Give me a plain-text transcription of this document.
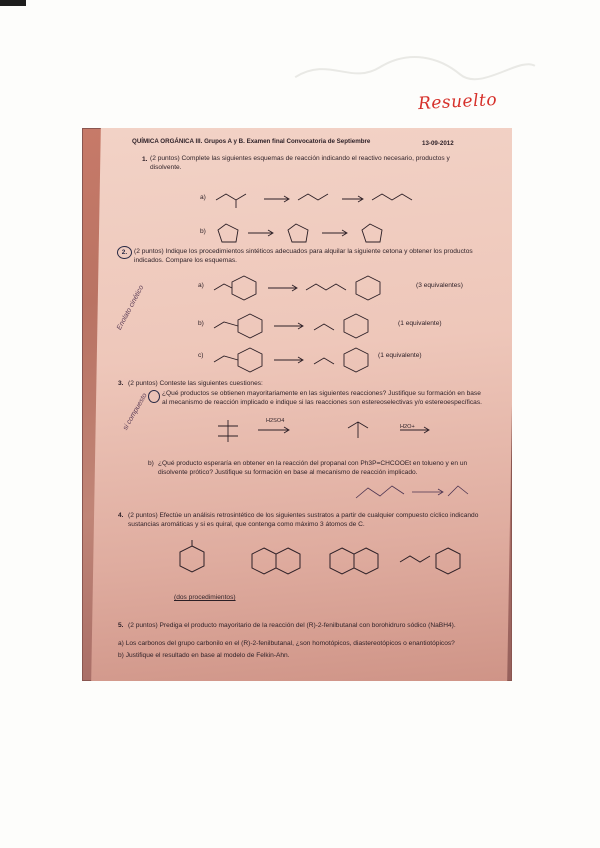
Resuelto
QUÍMICA ORGÁNICA III. Grupos A y B. Examen final Convocatoria de Septiembre	13-09-2012
1. (2 puntos) Complete las siguientes esquemas de reacción indicando el reactivo necesario, productos y disolvente.
a)
b)
2.	(2 puntos) Indique los procedimientos sintéticos adecuados para alquilar la siguiente cetona y obtener los productos indicados. Compare los esquemas.
a)	(3 equivalentes)
b)	(1 equivalente)
c)	(1 equivalente)
Enolato cinético
3. (2 puntos) Conteste las siguientes cuestiones:
¿Qué productos se obtienen mayoritariamente en las siguientes reacciones? Justifique su formación en base al mecanismo de reacción implicado e indique si las reacciones son estereoselectivas y/o estereoespecíficas.
H2SO4
H2O+
si compuesto
b) ¿Qué producto esperaría en obtener en la reacción del propanal con Ph3P=CHCOOEt en tolueno y en un disolvente prótico? Justifique su formación en base al mecanismo de reacción implicado.
4. (2 puntos) Efectúe un análisis retrosintético de los siguientes sustratos a partir de cualquier compuesto cíclico indicando sustancias aromáticas y si es quiral, que contenga como máximo 3 átomos de C.
(dos procedimientos)
5. (2 puntos) Prediga el producto mayoritario de la reacción del (R)-2-fenilbutanal con borohidruro sódico (NaBH4).
a) Los carbonos del grupo carbonilo en el (R)-2-fenilbutanal, ¿son homotópicos, diastereotópicos o enantiotópicos?
b) Justifique el resultado en base al modelo de Felkin-Ahn.
